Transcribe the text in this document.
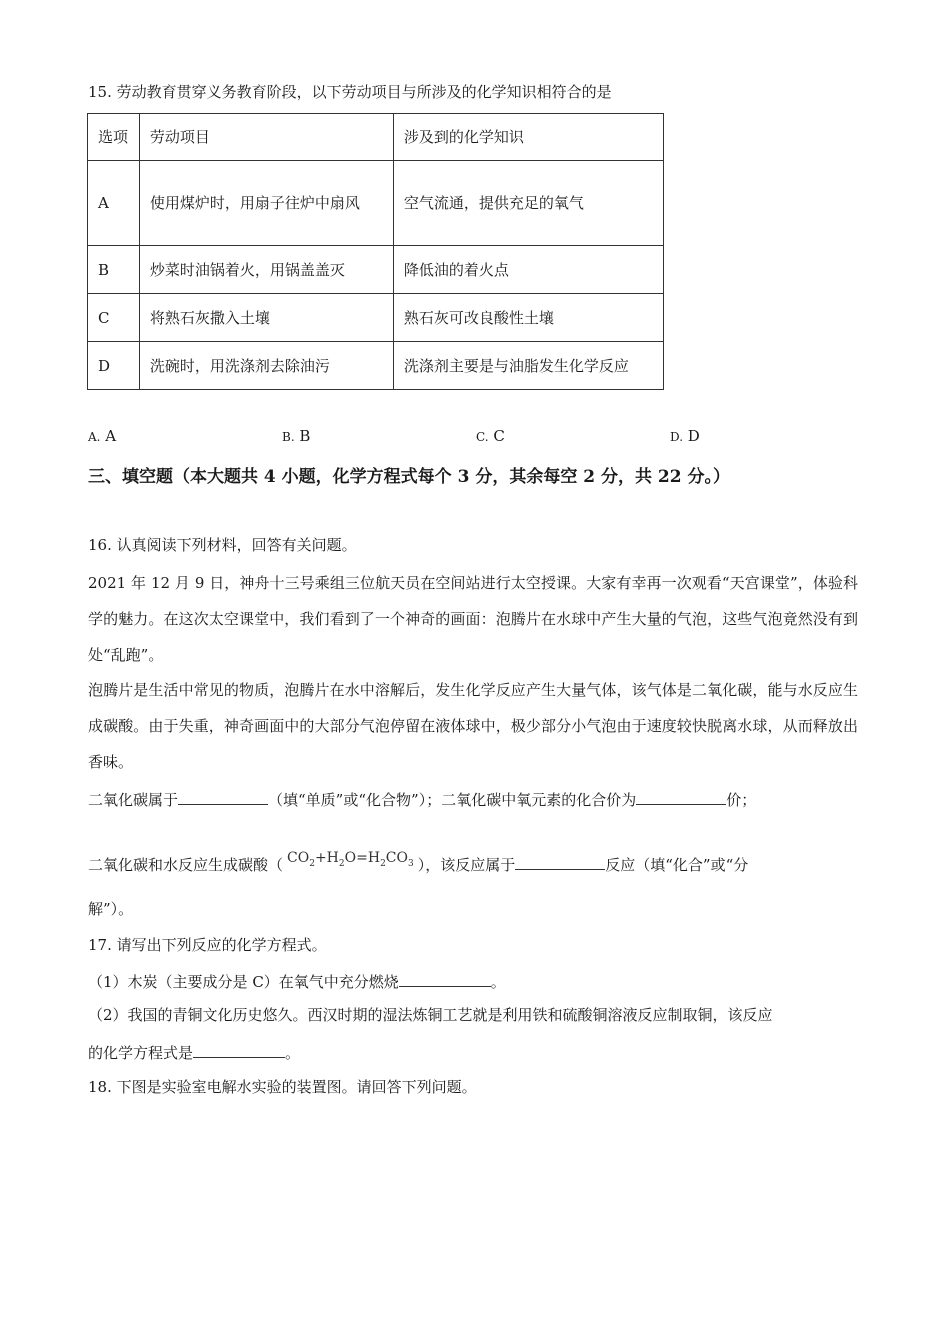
15. 劳动教育贯穿义务教育阶段，以下劳动项目与所涉及的化学知识相符合的是
选项	劳动项目	涉及到的化学知识
A	使用煤炉时，用扇子往炉中扇风	空气流通，提供充足的氧气
B	炒菜时油锅着火，用锅盖盖灭	降低油的着火点
C	将熟石灰撒入土壤	熟石灰可改良酸性土壤
D	洗碗时，用洗涤剂去除油污	洗涤剂主要是与油脂发生化学反应
A. A	B. B	C. C	D. D
三、填空题（本大题共 4 小题，化学方程式每个 3 分，其余每空 2 分，共 22 分。）
16. 认真阅读下列材料，回答有关问题。
2021 年 12 月 9 日，神舟十三号乘组三位航天员在空间站进行太空授课。大家有幸再一次观看“天宫课堂”，体验科学的魅力。在这次太空课堂中，我们看到了一个神奇的画面：泡腾片在水球中产生大量的气泡，这些气泡竟然没有到处“乱跑”。
泡腾片是生活中常见的物质，泡腾片在水中溶解后，发生化学反应产生大量气体，该气体是二氧化碳，能与水反应生成碳酸。由于失重，神奇画面中的大部分气泡停留在液体球中，极少部分小气泡由于速度较快脱离水球，从而释放出香味。
二氧化碳属于	（填“单质”或“化合物”）；二氧化碳中氧元素的化合价为	价；
二氧化碳和水反应生成碳酸（ $CO_2+H_2O=H_2CO_3$ ），该反应属于	反应（填“化合”或“分
解”）。
17. 请写出下列反应的化学方程式。
（1）木炭（主要成分是 C）在氧气中充分燃烧	。
（2）我国的青铜文化历史悠久。西汉时期的湿法炼铜工艺就是利用铁和硫酸铜溶液反应制取铜，该反应
的化学方程式是	。
18. 下图是实验室电解水实验的装置图。请回答下列问题。
